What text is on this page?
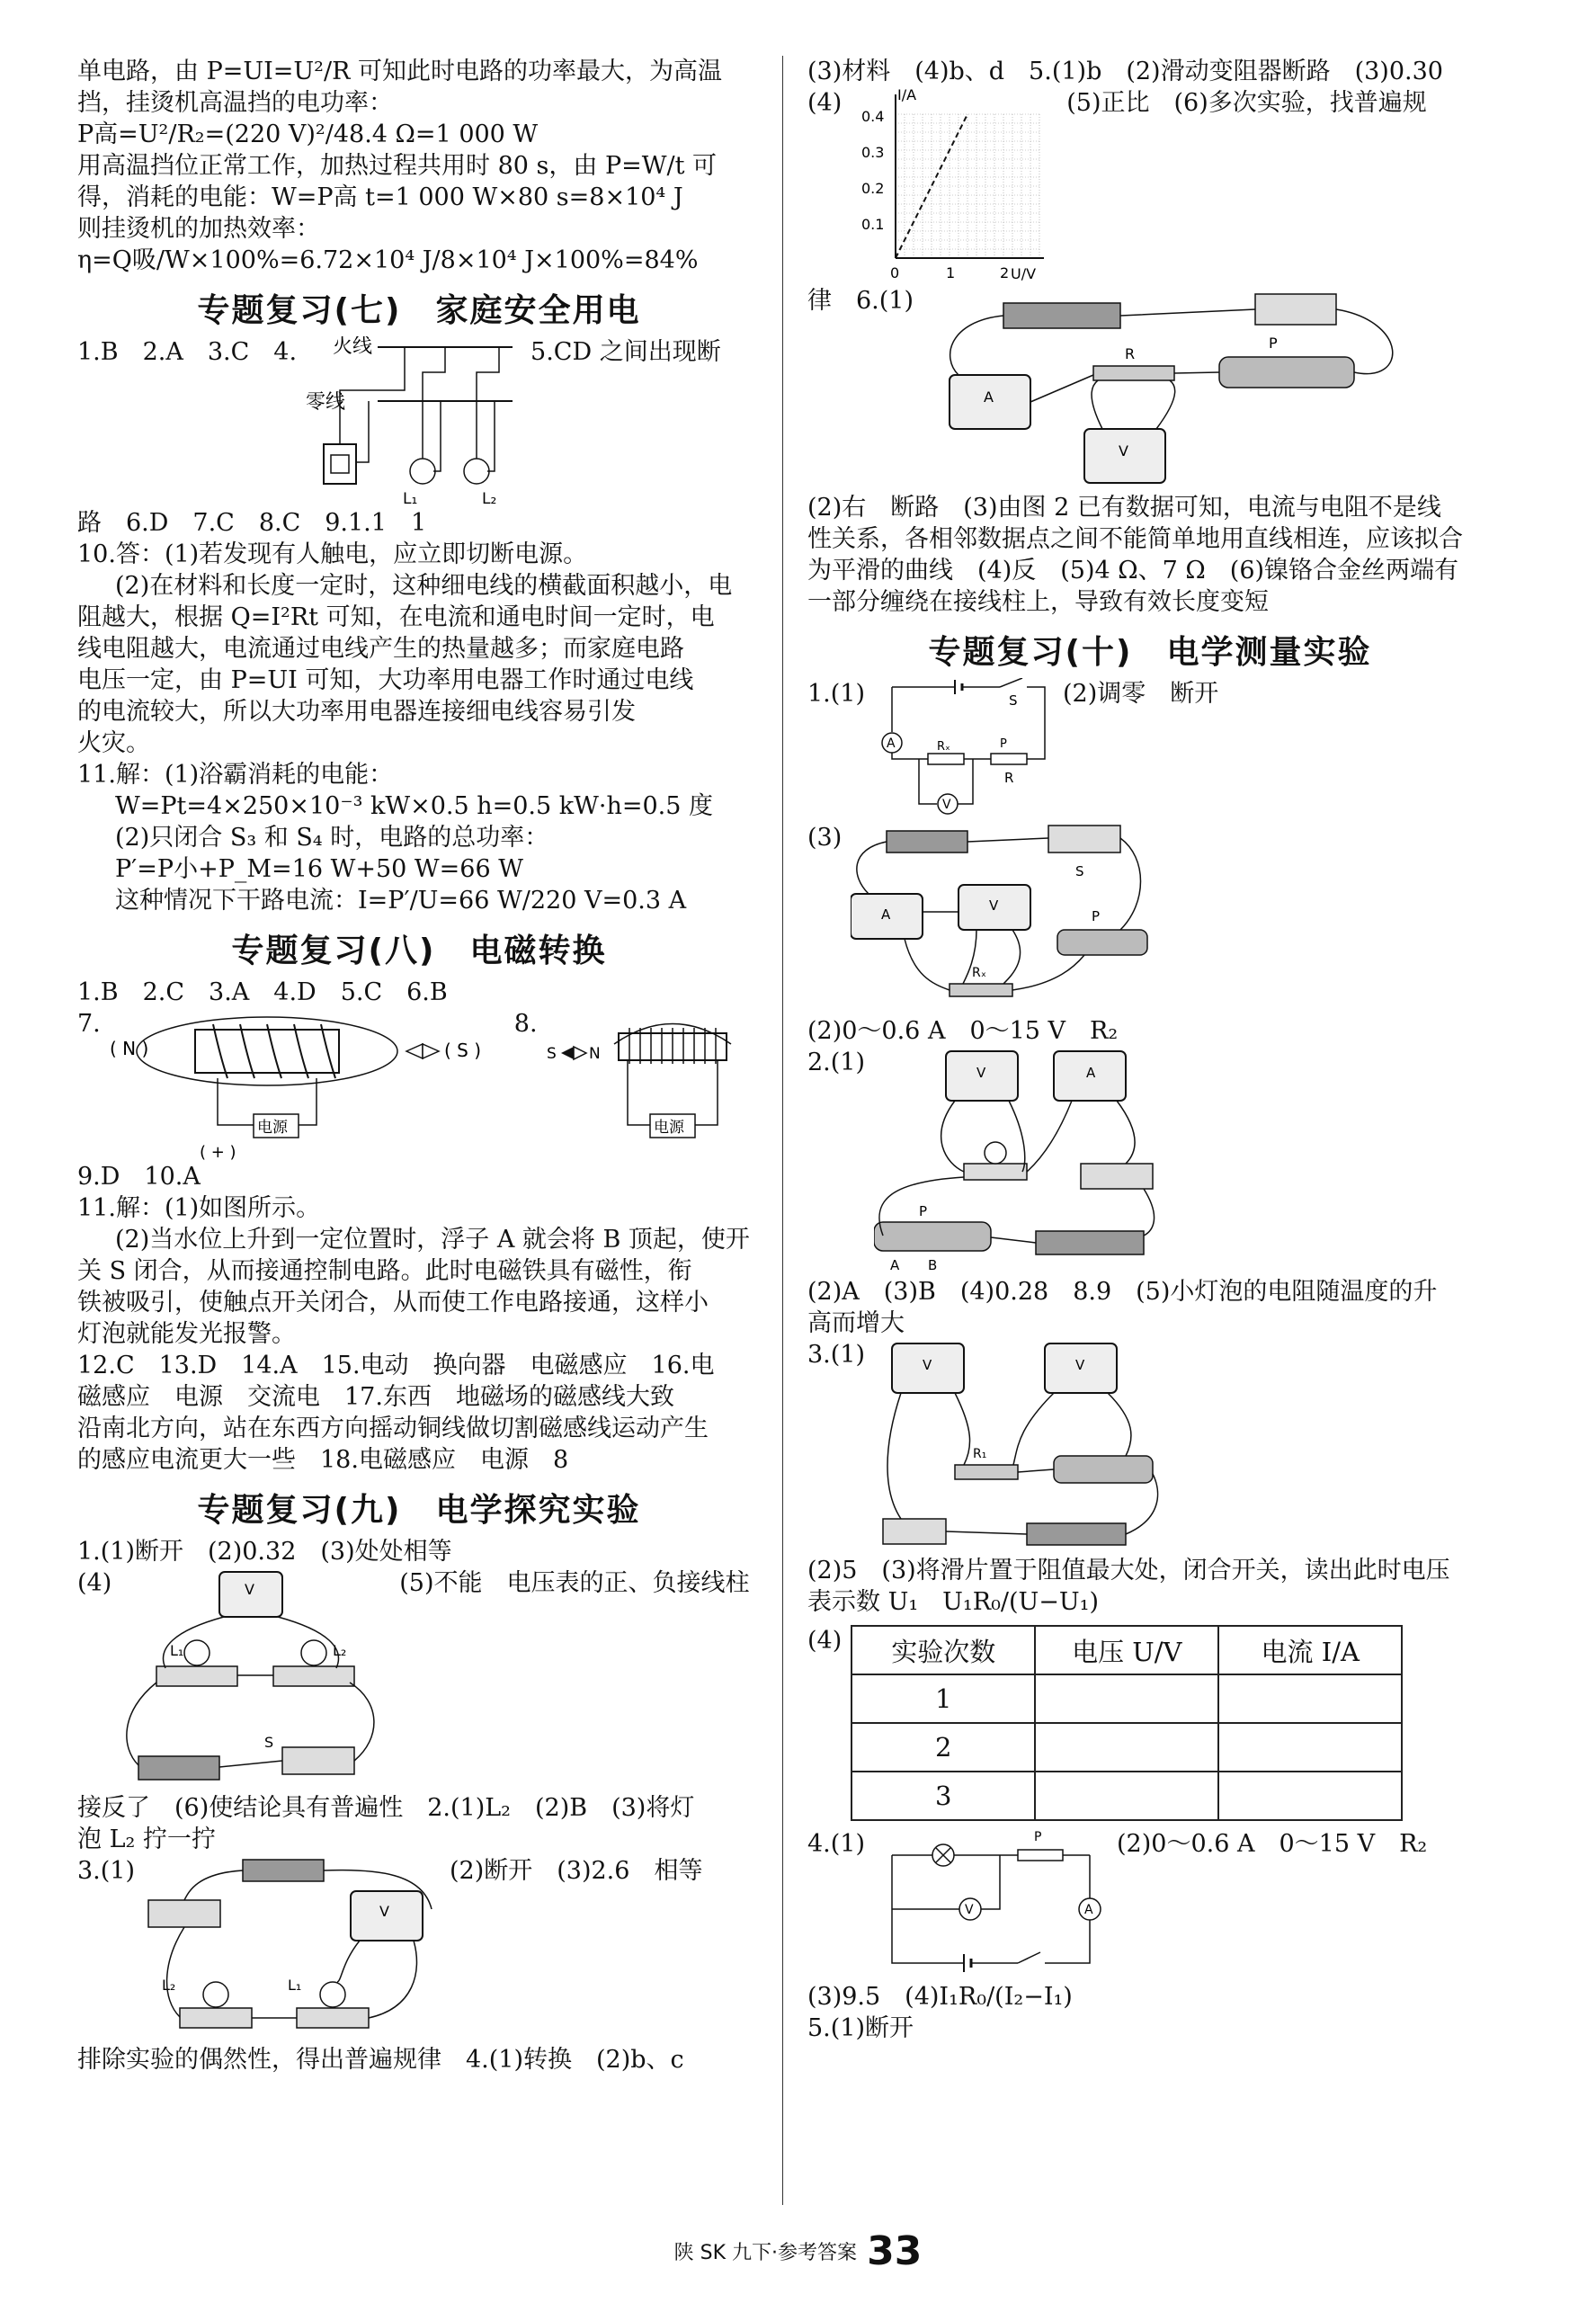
单电路，由 P=UI=U²/R 可知此时电路的功率最大，为高温

挡，挂烫机高温挡的电功率：

P高=U²/R₂=(220 V)²/48.4 Ω=1 000 W

用高温挡位正常工作，加热过程共用时 80 s，由 P=W/t 可

得，消耗的电能：W=P高 t=1 000 W×80 s=8×10⁴ J

则挂烫机的加热效率：

η=Q吸/W×100%=6.72×10⁴ J/8×10⁴ J×100%=84%

专题复习(七)　家庭安全用电
1.B　2.A　3.C　4. 火线
零线
L₁	L₂
5.CD 之间出现断

路　6.D　7.C　8.C　9.1.1　1

10.答：(1)若发现有人触电，应立即切断电源。

(2)在材料和长度一定时，这种细电线的横截面积越小，电

阻越大，根据 Q=I²Rt 可知，在电流和通电时间一定时，电

线电阻越大，电流通过电线产生的热量越多；而家庭电路

电压一定，由 P=UI 可知，大功率用电器工作时通过电线

的电流较大，所以大功率用电器连接细电线容易引发

火灾。

11.解：(1)浴霸消耗的电能：

W=Pt=4×250×10⁻³ kW×0.5 h=0.5 kW·h=0.5 度

(2)只闭合 S₃ 和 S₄ 时，电路的总功率：

P′=P小+P_M=16 W+50 W=66 W

这种情况下干路电流：I=P′/U=66 W/220 V=0.3 A

专题复习(八)　电磁转换

1.B　2.C　3.A　4.D　5.C　6.B

7.
( N )	( S )
电源
( + )
8.
S N
电源

9.D　10.A

11.解：(1)如图所示。

(2)当水位上升到一定位置时，浮子 A 就会将 B 顶起，使开

关 S 闭合，从而接通控制电路。此时电磁铁具有磁性，衔

铁被吸引，使触点开关闭合，从而使工作电路接通，这样小

灯泡就能发光报警。

12.C　13.D　14.A　15.电动　换向器　电磁感应　16.电

磁感应　电源　交流电　17.东西　地磁场的磁感线大致

沿南北方向，站在东西方向摇动铜线做切割磁感线运动产生

的感应电流更大一些　18.电磁感应　电源　8

专题复习(九)　电学探究实验

1.(1)断开　(2)0.32　(3)处处相等

(4)	V
L₁	L₂
S
(5)不能　电压表的正、负接线柱

接反了　(6)使结论具有普遍性　2.(1)L₂　(2)B　(3)将灯

泡 L₂ 拧一拧

3.(1)
V
L₂	L₁
(2)断开　(3)2.6　相等

排除实验的偶然性，得出普遍规律　4.(1)转换　(2)b、c

(3)材料　(4)b、d　5.(1)b　(2)滑动变阻器断路　(3)0.30

(4)	I/A
U/V
0.4
0.3
0.2
0.1
0	1	2
(5)正比　(6)多次实验，找普遍规
律　6.(1)
A
R
P
V

(2)右　断路　(3)由图 2 已有数据可知，电流与电阻不是线

性关系，各相邻数据点之间不能简单地用直线相连，应该拟合

为平滑的曲线　(4)反　(5)4 Ω、7 Ω　(6)镍铬合金丝两端有

一部分缠绕在接线柱上，导致有效长度变短

专题复习(十)　电学测量实验
1.(1)	S
A	Rₓ	P
R
V
(2)调零　断开
(3)
S
A
V
P
Rₓ

(2)0～0.6 A　0～15 V　R₂

2.(1)	V	A
P
A B

(2)A　(3)B　(4)0.28　8.9　(5)小灯泡的电阻随温度的升

高而增大

3.(1)	V	V
R₁

(2)5　(3)将滑片置于阻值最大处，闭合开关，读出此时电压

表示数 U₁　U₁R₀/(U−U₁)

(4) 实验次数	电压 U/V	电流 I/A
1		
2		
3		
4.(1)	P
V	A
(2)0～0.6 A　0～15 V　R₂

(3)9.5　(4)I₁R₀/(I₂−I₁)

5.(1)断开

陕 SK 九下·参考答案 33
